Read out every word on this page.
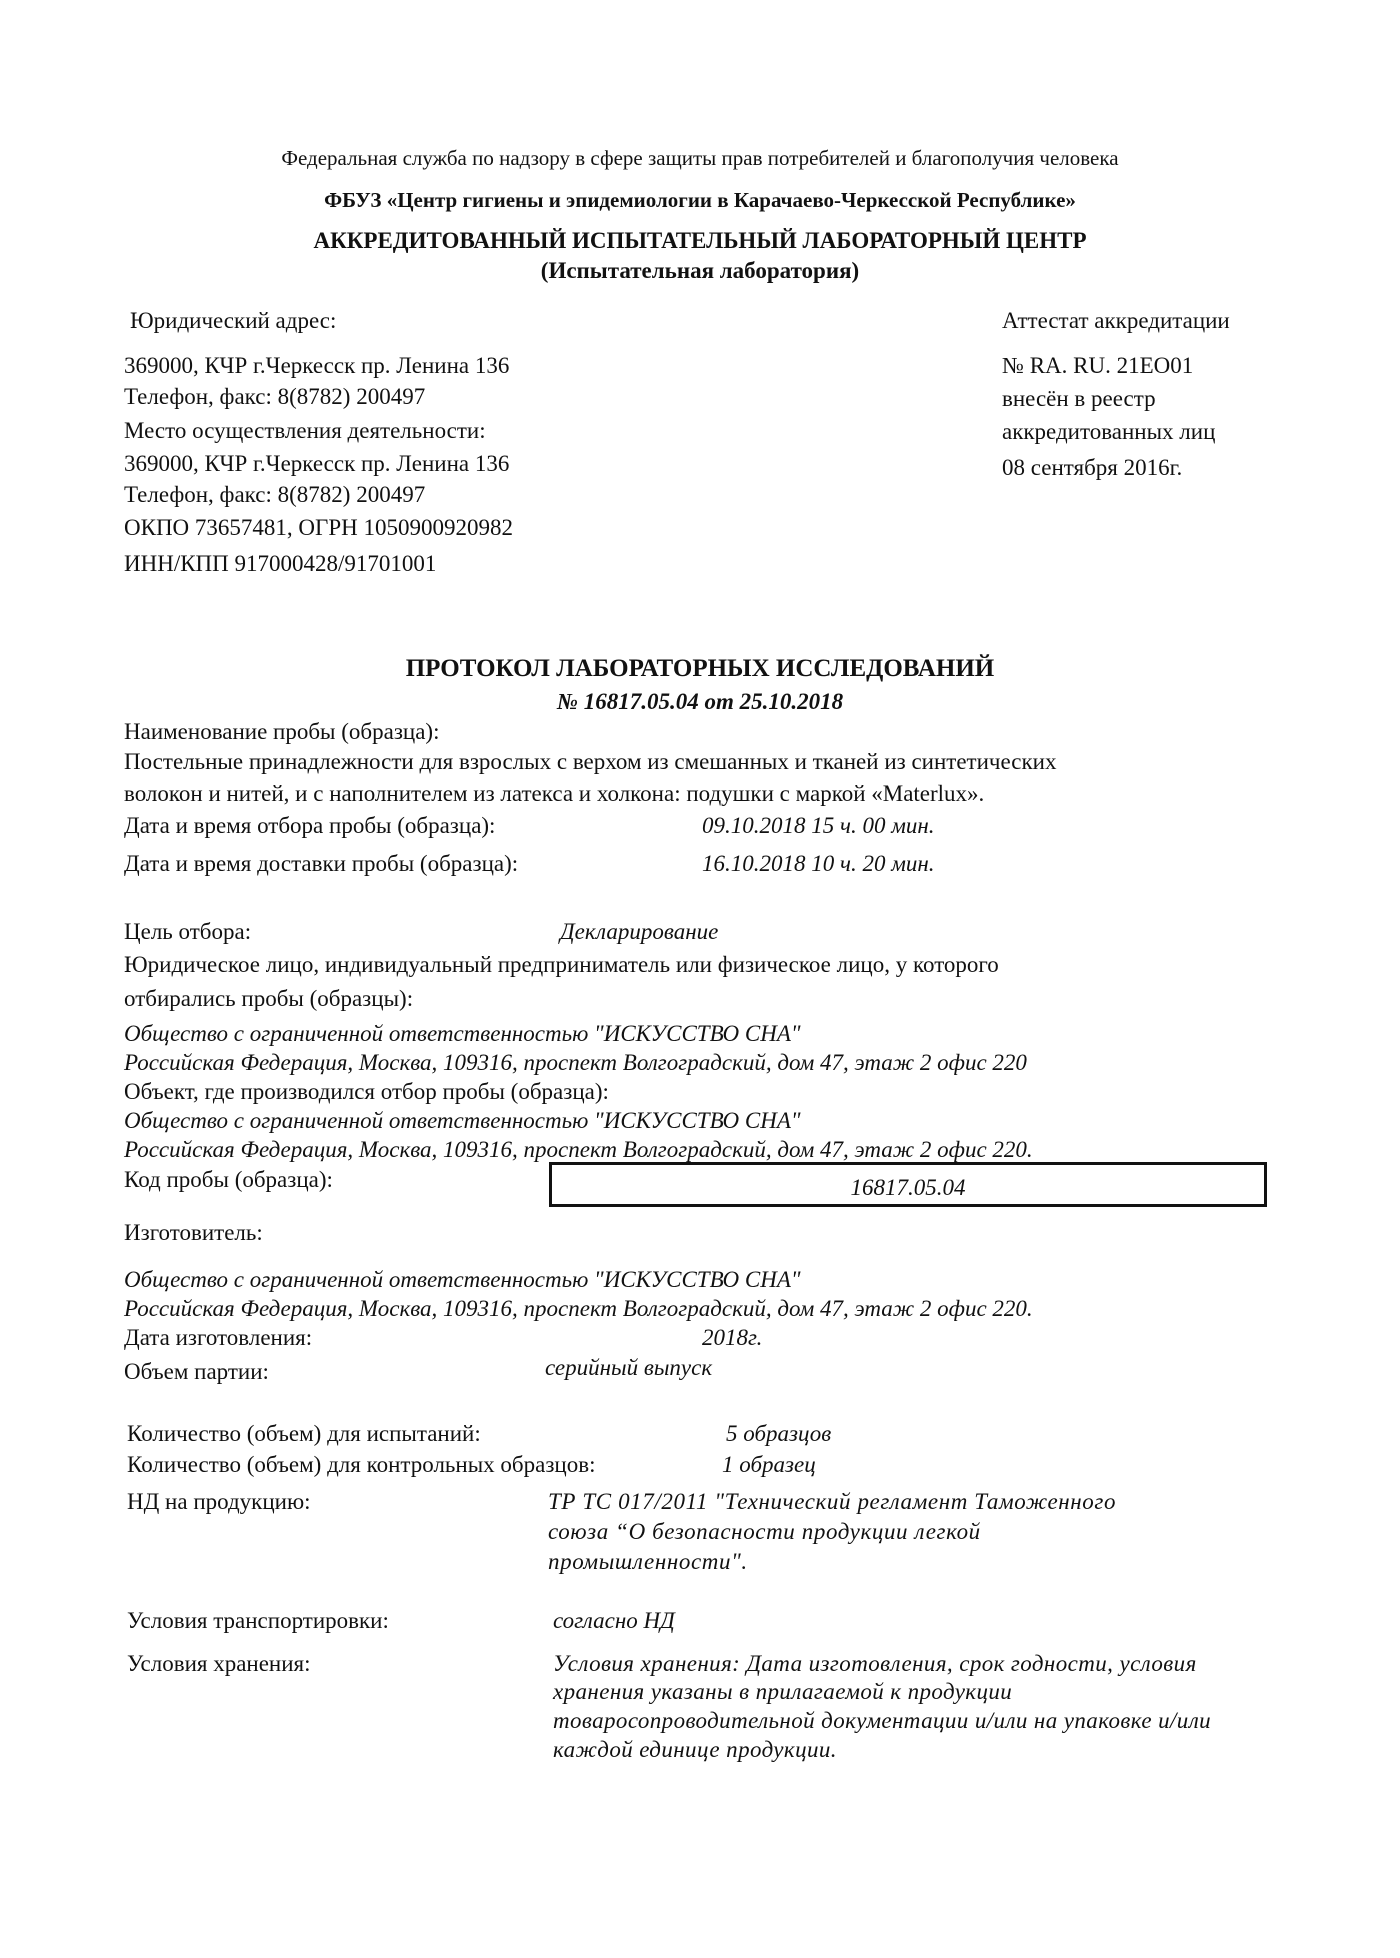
Федеральная служба по надзору в сфере защиты прав потребителей и благополучия человека
ФБУЗ «Центр гигиены и эпидемиологии в Карачаево-Черкесской Республике»
АККРЕДИТОВАННЫЙ ИСПЫТАТЕЛЬНЫЙ ЛАБОРАТОРНЫЙ ЦЕНТР
(Испытательная лаборатория)
Юридический адрес:
369000, КЧР г.Черкесск пр. Ленина 136
Телефон, факс: 8(8782) 200497
Место осуществления деятельности:
369000, КЧР г.Черкесск пр. Ленина 136
Телефон, факс: 8(8782) 200497
ОКПО 73657481, ОГРН 1050900920982
ИНН/КПП 917000428/91701001
Аттестат аккредитации
№ RA. RU. 21ЕО01
внесён в реестр
аккредитованных лиц
08 сентября 2016г.
ПРОТОКОЛ ЛАБОРАТОРНЫХ ИССЛЕДОВАНИЙ
№ 16817.05.04 от 25.10.2018
Наименование пробы (образца):
Постельные принадлежности для взрослых с верхом из смешанных и тканей из синтетических
волокон и нитей, и с наполнителем из латекса и холкона: подушки с маркой «Materlux».
Дата и время отбора пробы (образца):	09.10.2018 15 ч. 00 мин.
Дата и время доставки пробы (образца):	16.10.2018 10 ч. 20 мин.
Цель отбора:	Декларирование
Юридическое лицо, индивидуальный предприниматель или физическое лицо, у которого
отбирались пробы (образцы):
Общество с ограниченной ответственностью "ИСКУССТВО СНА"
Российская Федерация, Москва, 109316, проспект Волгоградский, дом 47, этаж 2 офис 220
Объект, где производился отбор пробы (образца):
Общество с ограниченной ответственностью "ИСКУССТВО СНА"
Российская Федерация, Москва, 109316, проспект Волгоградский, дом 47, этаж 2 офис 220.
Код пробы (образца):	16817.05.04
Изготовитель:
Общество с ограниченной ответственностью "ИСКУССТВО СНА"
Российская Федерация, Москва, 109316, проспект Волгоградский, дом 47, этаж 2 офис 220.
Дата изготовления:	2018г.
Объем партии:	серийный выпуск
Количество (объем) для испытаний:	5 образцов
Количество (объем) для контрольных образцов:	1 образец
НД на продукцию:	ТР ТС 017/2011 "Технический регламент Таможенного
союза “О безопасности продукции легкой
промышленности".
Условия транспортировки:	согласно НД
Условия хранения:	Условия хранения: Дата изготовления, срок годности, условия
хранения указаны в прилагаемой к продукции
товаросопроводительной документации и/или на упаковке и/или
каждой единице продукции.
